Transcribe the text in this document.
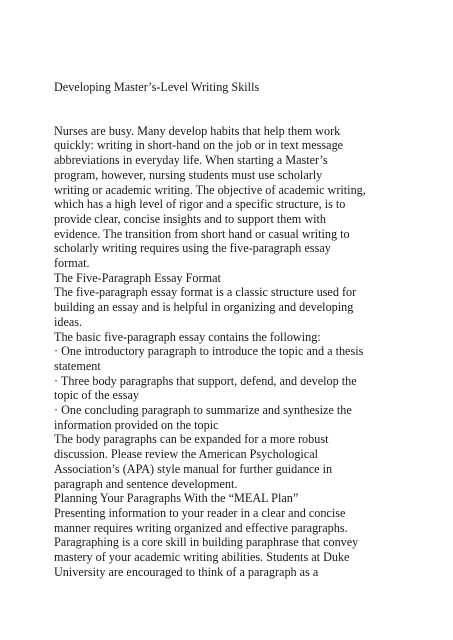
Developing Master’s-Level Writing Skills
Nurses are busy. Many develop habits that help them work
quickly: writing in short-hand on the job or in text message
abbreviations in everyday life. When starting a Master’s
program, however, nursing students must use scholarly
writing or academic writing. The objective of academic writing,
which has a high level of rigor and a specific structure, is to
provide clear, concise insights and to support them with
evidence. The transition from short hand or casual writing to
scholarly writing requires using the five-paragraph essay
format.
The Five-Paragraph Essay Format
The five-paragraph essay format is a classic structure used for
building an essay and is helpful in organizing and developing
ideas.
The basic five-paragraph essay contains the following:
· One introductory paragraph to introduce the topic and a thesis
statement
· Three body paragraphs that support, defend, and develop the
topic of the essay
· One concluding paragraph to summarize and synthesize the
information provided on the topic
The body paragraphs can be expanded for a more robust
discussion. Please review the American Psychological
Association’s (APA) style manual for further guidance in
paragraph and sentence development.
Planning Your Paragraphs With the “MEAL Plan”
Presenting information to your reader in a clear and concise
manner requires writing organized and effective paragraphs.
Paragraphing is a core skill in building paraphrase that convey
mastery of your academic writing abilities. Students at Duke
University are encouraged to think of a paragraph as a
